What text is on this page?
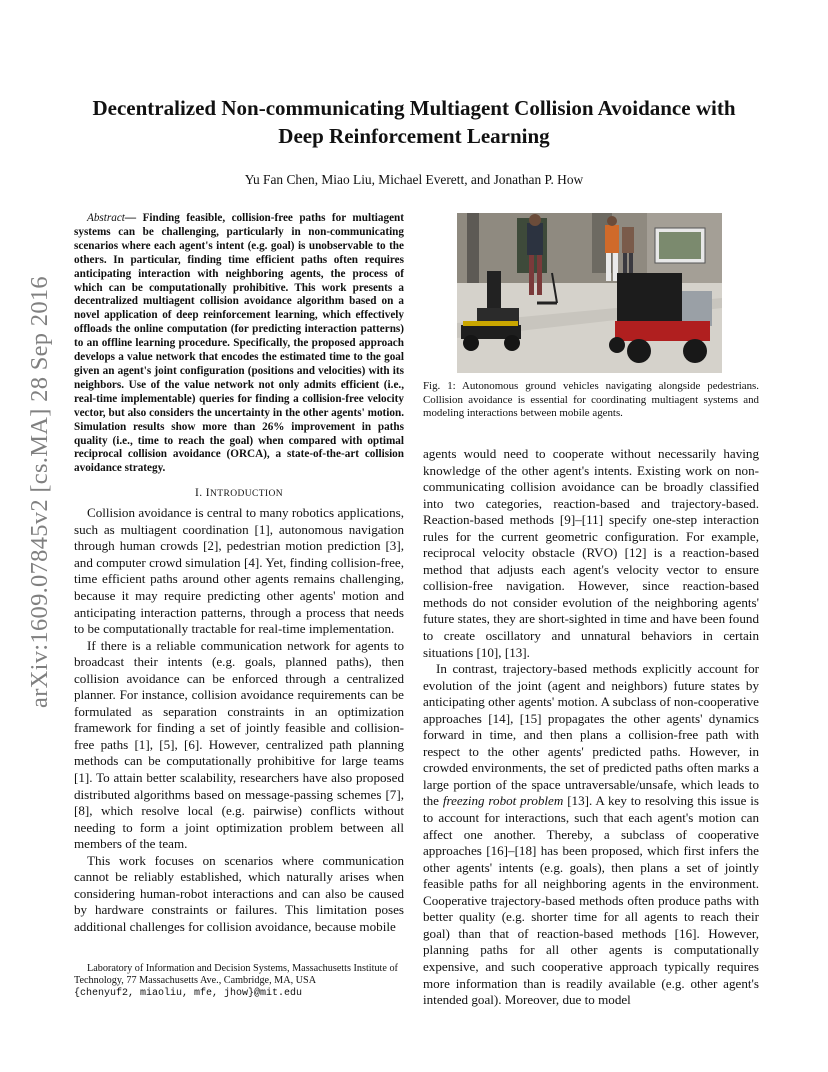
arXiv:1609.07845v2 [cs.MA] 28 Sep 2016
Decentralized Non-communicating Multiagent Collision Avoidance with Deep Reinforcement Learning
Yu Fan Chen, Miao Liu, Michael Everett, and Jonathan P. How

Abstract— Finding feasible, collision-free paths for multiagent systems can be challenging, particularly in non-communicating scenarios where each agent's intent (e.g. goal) is unobservable to the others. In particular, finding time efficient paths often requires anticipating interaction with neighboring agents, the process of which can be computationally prohibitive. This work presents a decentralized multiagent collision avoidance algorithm based on a novel application of deep reinforcement learning, which effectively offloads the online computation (for predicting interaction patterns) to an offline learning procedure. Specifically, the proposed approach develops a value network that encodes the estimated time to the goal given an agent's joint configuration (positions and velocities) with its neighbors. Use of the value network not only admits efficient (i.e., real-time implementable) queries for finding a collision-free velocity vector, but also considers the uncertainty in the other agents' motion. Simulation results show more than 26% improvement in paths quality (i.e., time to reach the goal) when compared with optimal reciprocal collision avoidance (ORCA), a state-of-the-art collision avoidance strategy.

I. INTRODUCTION

Collision avoidance is central to many robotics applications, such as multiagent coordination [1], autonomous navigation through human crowds [2], pedestrian motion prediction [3], and computer crowd simulation [4]. Yet, finding collision-free, time efficient paths around other agents remains challenging, because it may require predicting other agents' motion and anticipating interaction patterns, through a process that needs to be computationally tractable for real-time implementation.

If there is a reliable communication network for agents to broadcast their intents (e.g. goals, planned paths), then collision avoidance can be enforced through a centralized planner. For instance, collision avoidance requirements can be formulated as separation constraints in an optimization framework for finding a set of jointly feasible and collision-free paths [1], [5], [6]. However, centralized path planning methods can be computationally prohibitive for large teams [1]. To attain better scalability, researchers have also proposed distributed algorithms based on message-passing schemes [7], [8], which resolve local (e.g. pairwise) conflicts without needing to form a joint optimization problem between all members of the team.

This work focuses on scenarios where communication cannot be reliably established, which naturally arises when considering human-robot interactions and can also be caused by hardware constraints or failures. This limitation poses additional challenges for collision avoidance, because mobile

Laboratory of Information and Decision Systems, Massachusetts Institute of Technology, 77 Massachusetts Ave., Cambridge, MA, USA
{chenyuf2, miaoliu, mfe, jhow}@mit.edu
Fig. 1: Autonomous ground vehicles navigating alongside pedestrians. Collision avoidance is essential for coordinating multiagent systems and modeling interactions between mobile agents.

agents would need to cooperate without necessarily having knowledge of the other agent's intents. Existing work on non-communicating collision avoidance can be broadly classified into two categories, reaction-based and trajectory-based. Reaction-based methods [9]–[11] specify one-step interaction rules for the current geometric configuration. For example, reciprocal velocity obstacle (RVO) [12] is a reaction-based method that adjusts each agent's velocity vector to ensure collision-free navigation. However, since reaction-based methods do not consider evolution of the neighboring agents' future states, they are short-sighted in time and have been found to create oscillatory and unnatural behaviors in certain situations [10], [13].

In contrast, trajectory-based methods explicitly account for evolution of the joint (agent and neighbors) future states by anticipating other agents' motion. A subclass of non-cooperative approaches [14], [15] propagates the other agents' dynamics forward in time, and then plans a collision-free path with respect to the other agents' predicted paths. However, in crowded environments, the set of predicted paths often marks a large portion of the space untraversable/unsafe, which leads to the freezing robot problem [13]. A key to resolving this issue is to account for interactions, such that each agent's motion can affect one another. Thereby, a subclass of cooperative approaches [16]–[18] has been proposed, which first infers the other agents' intents (e.g. goals), then plans a set of jointly feasible paths for all neighboring agents in the environment. Cooperative trajectory-based methods often produce paths with better quality (e.g. shorter time for all agents to reach their goal) than that of reaction-based methods [16]. However, planning paths for all other agents is computationally expensive, and such cooperative approach typically requires more information than is readily available (e.g. other agent's intended goal). Moreover, due to model
